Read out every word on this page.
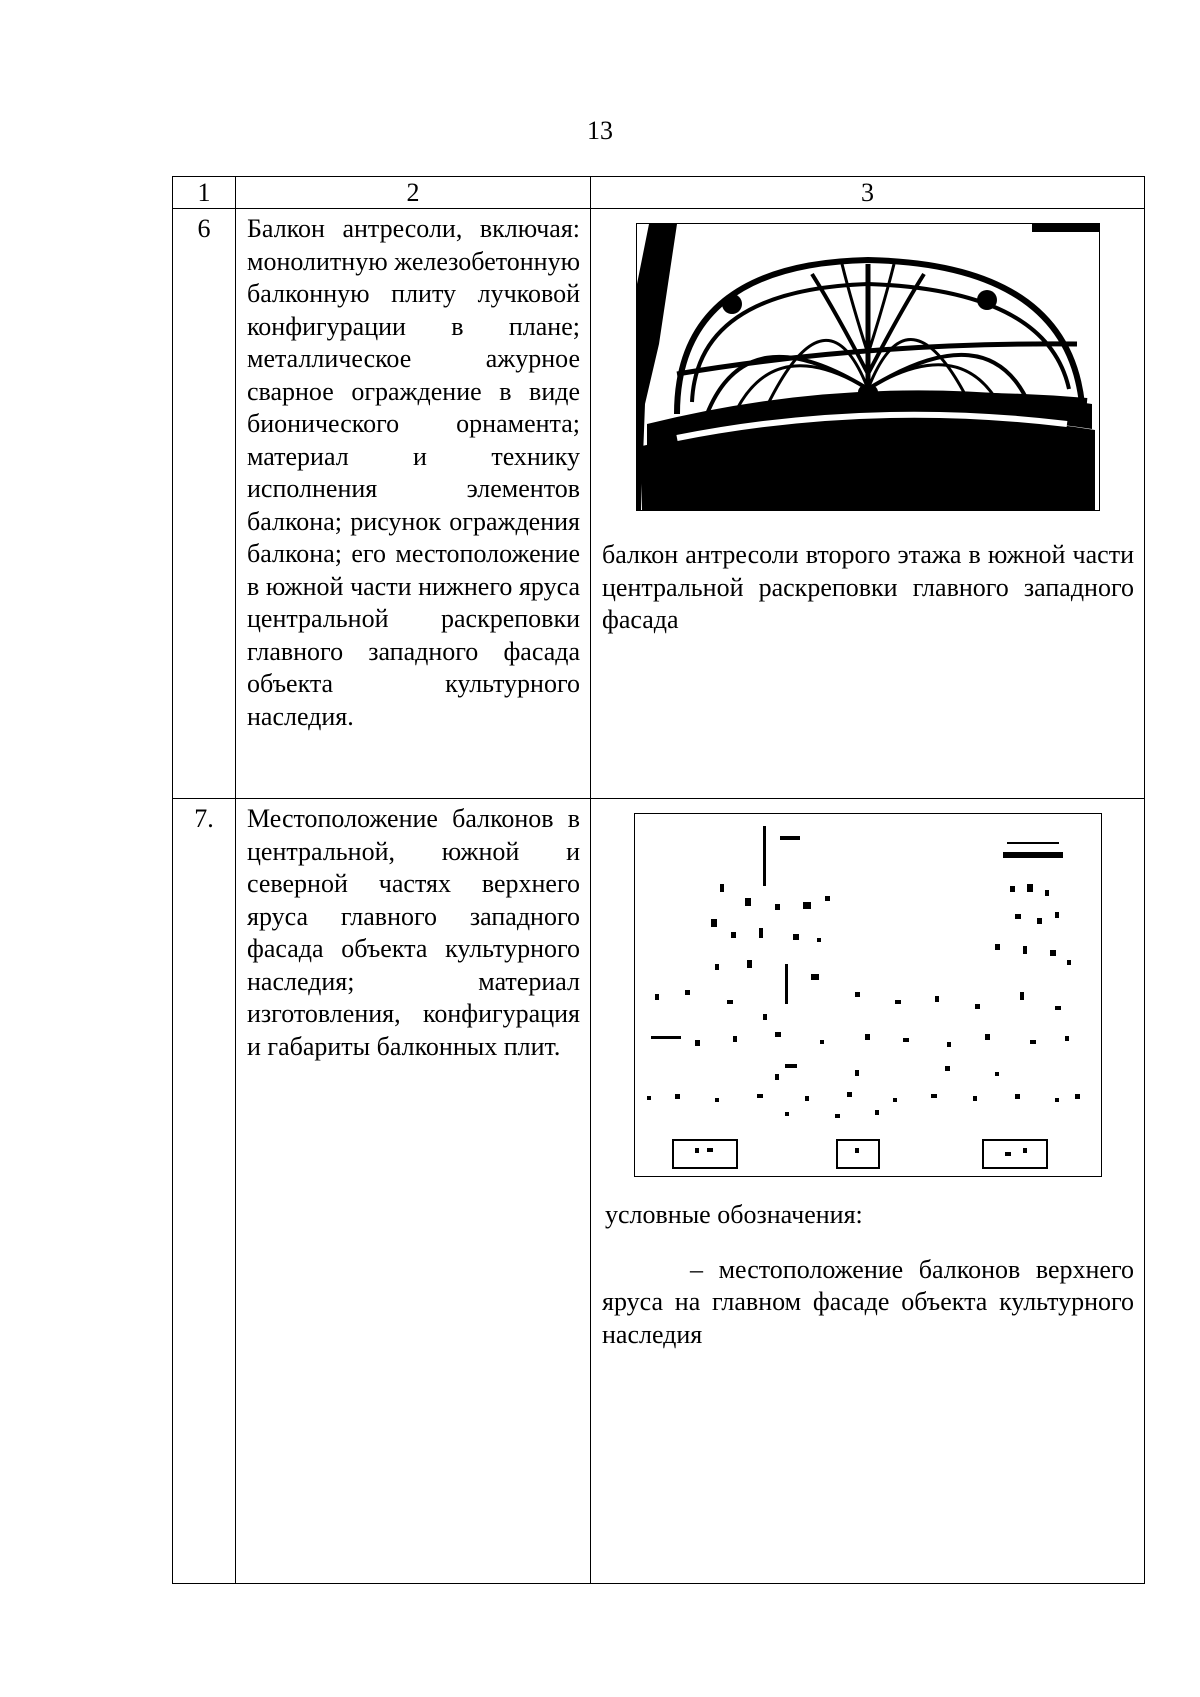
13
1	2	3
6	Балкон антресоли, включая: монолитную железобетонную балконную плиту лучковой конфигурации в плане; металлическое ажурное сварное ограждение в виде бионического орнамента; материал и технику исполнения элементов балкона; рисунок ограждения балкона; его местоположение в южной части нижнего яруса центральной раскреповки главного западного фасада объекта культурного наследия.	балкон антресоли второго этажа в южной части центральной раскреповки главного западного фасада

7.	Местоположение балконов в центральной, южной и северной частях верхнего яруса главного западного фасада объекта культурного наследия; материал изготовления, конфигурация и габариты балконных плит.	условные обозначения:
– местоположение балконов верхнего яруса на главном фасаде объекта культурного наследия
